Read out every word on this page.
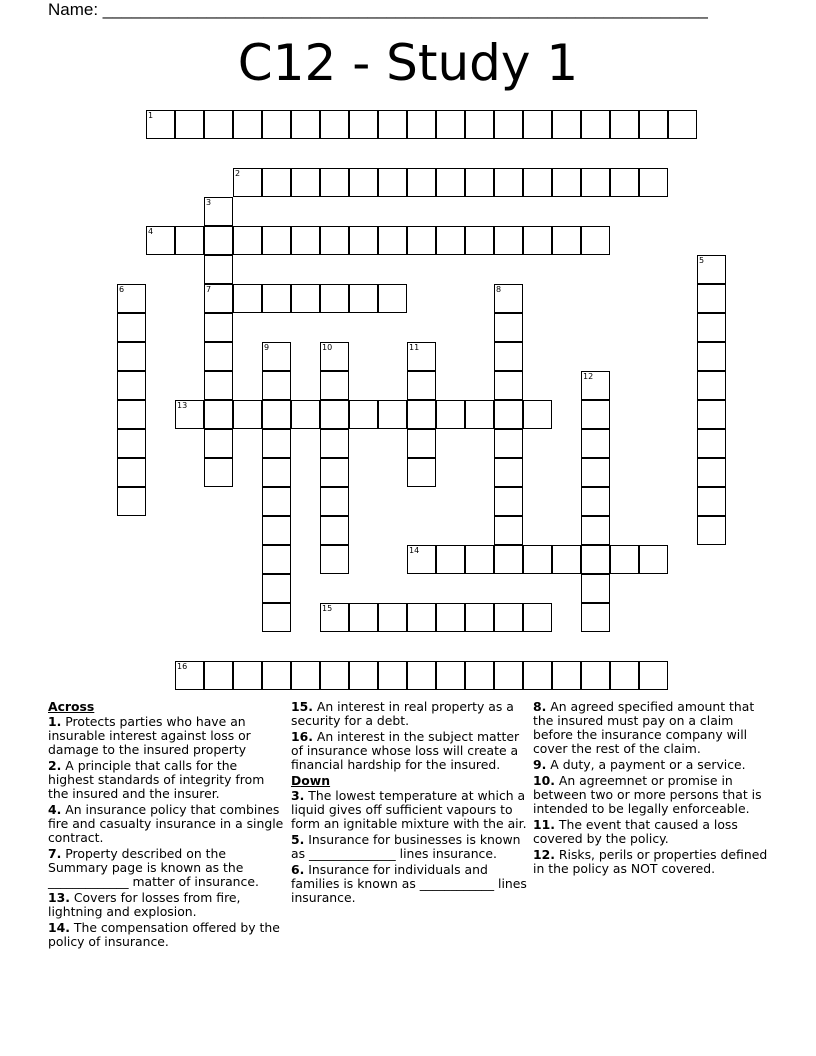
Name: ________________________________________________________________
C12 - Study 1
1
2
3
7
4
5
6	8
9	10	11
12
13
14
15
16
Across
1. Protects parties who have an insurable interest against loss or damage to the insured property
2. A principle that calls for the highest standards of integrity from the insured and the insurer.
4. An insurance policy that combines fire and casualty insurance in a single contract.
7. Property described on the Summary page is known as the _____________ matter of insurance.
13. Covers for losses from fire, lightning and explosion.
14. The compensation offered by the policy of insurance.
15. An interest in real property as a security for a debt.
16. An interest in the subject matter of insurance whose loss will create a financial hardship for the insured.
Down
3. The lowest temperature at which a liquid gives off sufficient vapours to form an ignitable mixture with the air.
5. Insurance for businesses is known as ______________ lines insurance.
6. Insurance for individuals and families is known as ____________ lines insurance.
8. An agreed specified amount that the insured must pay on a claim before the insurance company will cover the rest of the claim.
9. A duty, a payment or a service.
10. An agreemnet or promise in between two or more persons that is intended to be legally enforceable.
11. The event that caused a loss covered by the policy.
12. Risks, perils or properties defined in the policy as NOT covered.
